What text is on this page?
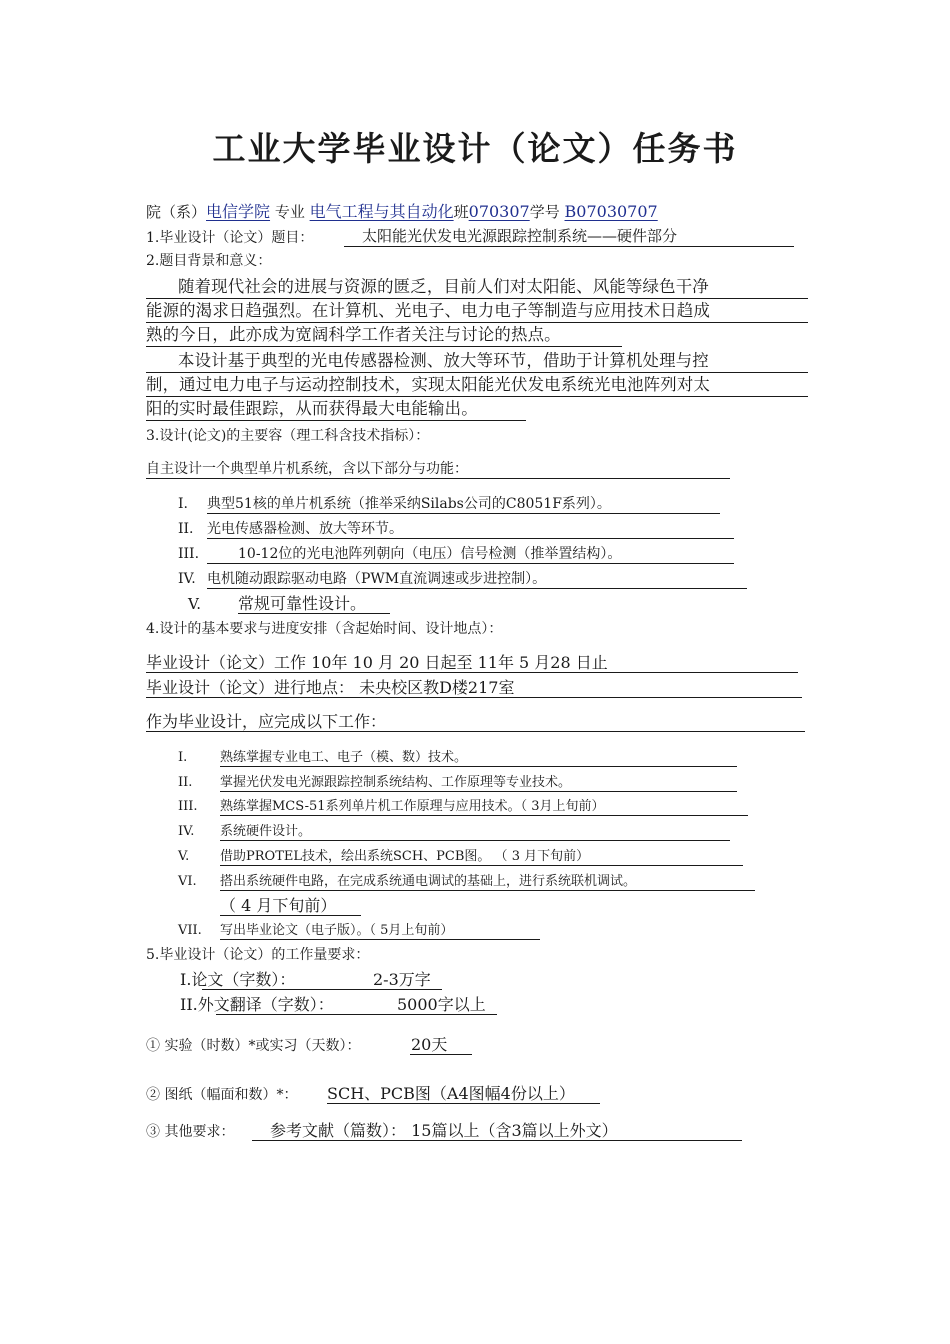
工业大学毕业设计（论文）任务书
院（系）电信学院 专业 电气工程与其自动化班070307学号 B07030707
1.毕业设计（论文）题目：	太阳能光伏发电光源跟踪控制系统——硬件部分
2.题目背景和意义：
随着现代社会的进展与资源的匮乏，目前人们对太阳能、风能等绿色干净
能源的渴求日趋强烈。在计算机、光电子、电力电子等制造与应用技术日趋成
熟的今日，此亦成为宽阔科学工作者关注与讨论的热点。
本设计基于典型的光电传感器检测、放大等环节，借助于计算机处理与控
制，通过电力电子与运动控制技术，实现太阳能光伏发电系统光电池阵列对太
阳的实时最佳跟踪，从而获得最大电能输出。
3.设计(论文)的主要容（理工科含技术指标）：
自主设计一个典型单片机系统，含以下部分与功能：
I. 典型51核的单片机系统（推举采纳Silabs公司的C8051F系列）。
II. 光电传感器检测、放大等环节。
III.	10-12位的光电池阵列朝向（电压）信号检测（推举置结构）。
IV. 电机随动跟踪驱动电路（PWM直流调速或步进控制）。
V. 常规可靠性设计。
4.设计的基本要求与进度安排（含起始时间、设计地点）：
毕业设计（论文）工作 10年 10 月 20 日起至 11年 5 月28 日止
毕业设计（论文）进行地点： 未央校区教D楼217室
作为毕业设计，应完成以下工作：
I.	熟练掌握专业电工、电子（模、数）技术。
II. 掌握光伏发电光源跟踪控制系统结构、工作原理等专业技术。
III. 熟练掌握MCS-51系列单片机工作原理与应用技术。（ 3月上旬前）
IV. 系统硬件设计。
V. 借助PROTEL技术，绘出系统SCH、PCB图。 （ 3 月下旬前）
VI. 搭出系统硬件电路，在完成系统通电调试的基础上，进行系统联机调试。
（ 4 月下旬前）
VII. 写出毕业论文（电子版）。（ 5月上旬前）
5.毕业设计（论文）的工作量要求：
I.论文（字数）：	2-3万字
II.外文翻译（字数）：	5000字以上
① 实验（时数）*或实习（天数）：	20天
② 图纸（幅面和数）*： SCH、PCB图（A4图幅4份以上）
③ 其他要求： 参考文献（篇数）： 15篇以上（含3篇以上外文）
